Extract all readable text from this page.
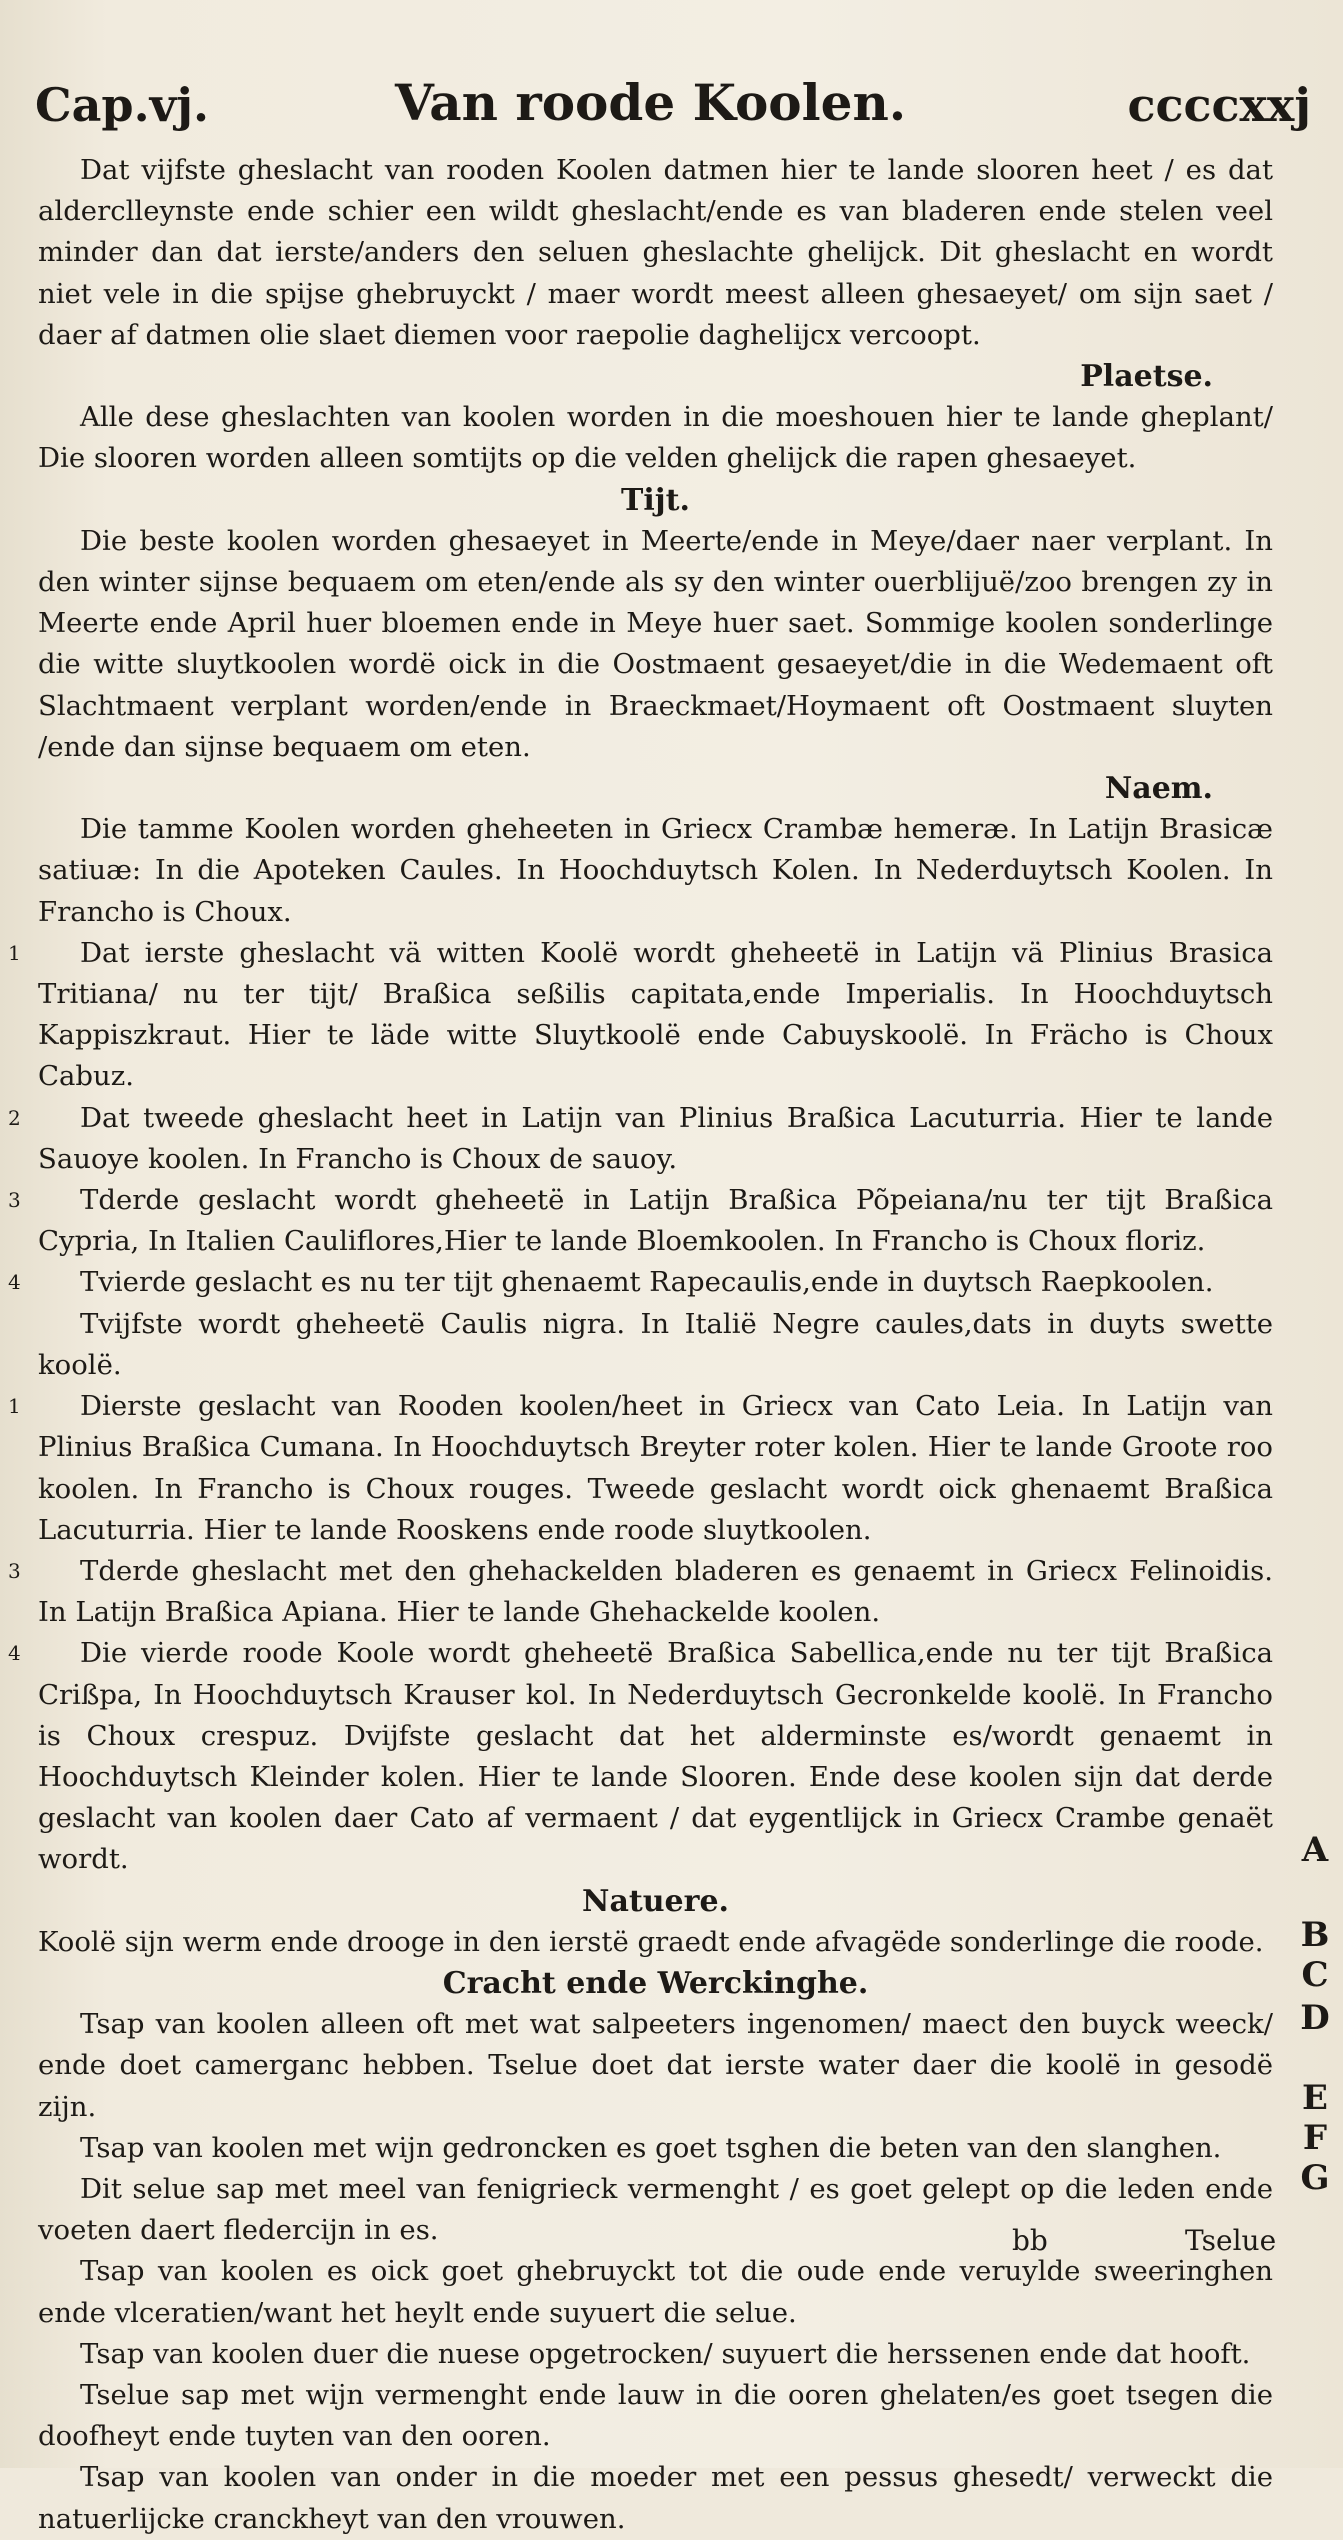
Cap.vj.	Van roode Koolen.	ccccxxj

Dat vijfste gheslacht van rooden Koolen datmen hier te lande slooren heet / es dat alderclleynste ende schier een wildt gheslacht/ende es van bladeren ende stelen veel minder dan dat ierste/anders den seluen gheslachte ghelijck. Dit gheslacht en wordt niet vele in die spijse ghebruyckt / maer wordt meest alleen ghesaeyet/ om sijn saet / daer af datmen olie slaet diemen voor raepolie daghelijcx vercoopt.

Plaetse.

Alle dese gheslachten van koolen worden in die moeshouen hier te lande gheplant/ Die slooren worden alleen somtijts op die velden ghelijck die rapen ghesaeyet.

Tijt.

Die beste koolen worden ghesaeyet in Meerte/ende in Meye/daer naer verplant. In den winter sijnse bequaem om eten/ende als sy den winter ouerblijuë/zoo brengen zy in Meerte ende April huer bloemen ende in Meye huer saet. Sommige koolen sonderlinge die witte sluytkoolen wordë oick in die Oostmaent gesaeyet/die in die Wedemaent oft Slachtmaent verplant worden/ende in Braeckmaet/Hoymaent oft Oostmaent sluyten /ende dan sijnse bequaem om eten.

Naem.

Die tamme Koolen worden gheheeten in Griecx Crambæ hemeræ. In Latijn Brasicæ satiuæ: In die Apoteken Caules. In Hoochduytsch Kolen. In Nederduytsch Koolen. In Francho is Choux.

1 Dat ierste gheslacht vä witten Koolë wordt gheheetë in Latijn vä Plinius Brasica Tritiana/ nu ter tijt/ Braßica seßilis capitata,ende Imperialis. In Hoochduytsch Kappiszkraut. Hier te läde witte Sluytkoolë ende Cabuyskoolë. In Frächo is Choux Cabuz.

2 Dat tweede gheslacht heet in Latijn van Plinius Braßica Lacuturria. Hier te lande Sauoye koolen. In Francho is Choux de sauoy.

3 Tderde geslacht wordt gheheetë in Latijn Braßica Põpeiana/nu ter tijt Braßica Cypria, In Italien Cauliflores,Hier te lande Bloemkoolen. In Francho is Choux floriz.

4 Tvierde geslacht es nu ter tijt ghenaemt Rapecaulis,ende in duytsch Raepkoolen.

Tvijfste wordt gheheetë Caulis nigra. In Italië Negre caules,dats in duyts swette koolë.

1 Dierste geslacht van Rooden koolen/heet in Griecx van Cato Leia. In Latijn van Plinius Braßica Cumana. In Hoochduytsch Breyter roter kolen. Hier te lande Groote roo koolen. In Francho is Choux rouges. Tweede geslacht wordt oick ghenaemt Braßica Lacuturria. Hier te lande Rooskens ende roode sluytkoolen.

3 Tderde gheslacht met den ghehackelden bladeren es genaemt in Griecx Felinoidis. In Latijn Braßica Apiana. Hier te lande Ghehackelde koolen.

4 Die vierde roode Koole wordt gheheetë Braßica Sabellica,ende nu ter tijt Braßica Crißpa, In Hoochduytsch Krauser kol. In Nederduytsch Gecronkelde koolë. In Francho is Choux crespuz. Dvijfste geslacht dat het alderminste es/wordt genaemt in Hoochduytsch Kleinder kolen. Hier te lande Slooren. Ende dese koolen sijn dat derde geslacht van koolen daer Cato af vermaent / dat eygentlijck in Griecx Crambe genaët wordt.

Natuere.

Koolë sijn werm ende drooge in den ierstë graedt ende afvagëde sonderlinge die roode.

Cracht ende Werckinghe.

Tsap van koolen alleen oft met wat salpeeters ingenomen/ maect den buyck weeck/ ende doet camerganc hebben. Tselue doet dat ierste water daer die koolë in gesodë zijn.

Tsap van koolen met wijn gedroncken es goet tsghen die beten van den slanghen.

Dit selue sap met meel van fenigrieck vermenght / es goet gelept op die leden ende voeten daert fledercijn in es.

Tsap van koolen es oick goet ghebruyckt tot die oude ende veruylde sweeringhen ende vlceratien/want het heylt ende suyuert die selue.

Tsap van koolen duer die nuese opgetrocken/ suyuert die herssenen ende dat hooft.

Tselue sap met wijn vermenght ende lauw in die ooren ghelaten/es goet tsegen die doofheyt ende tuyten van den ooren.

Tsap van koolen van onder in die moeder met een pessus ghesedt/ verweckt die natuerlijcke cranckheyt van den vrouwen.

A
B
C
D
E
F
G
bb	Tselue
